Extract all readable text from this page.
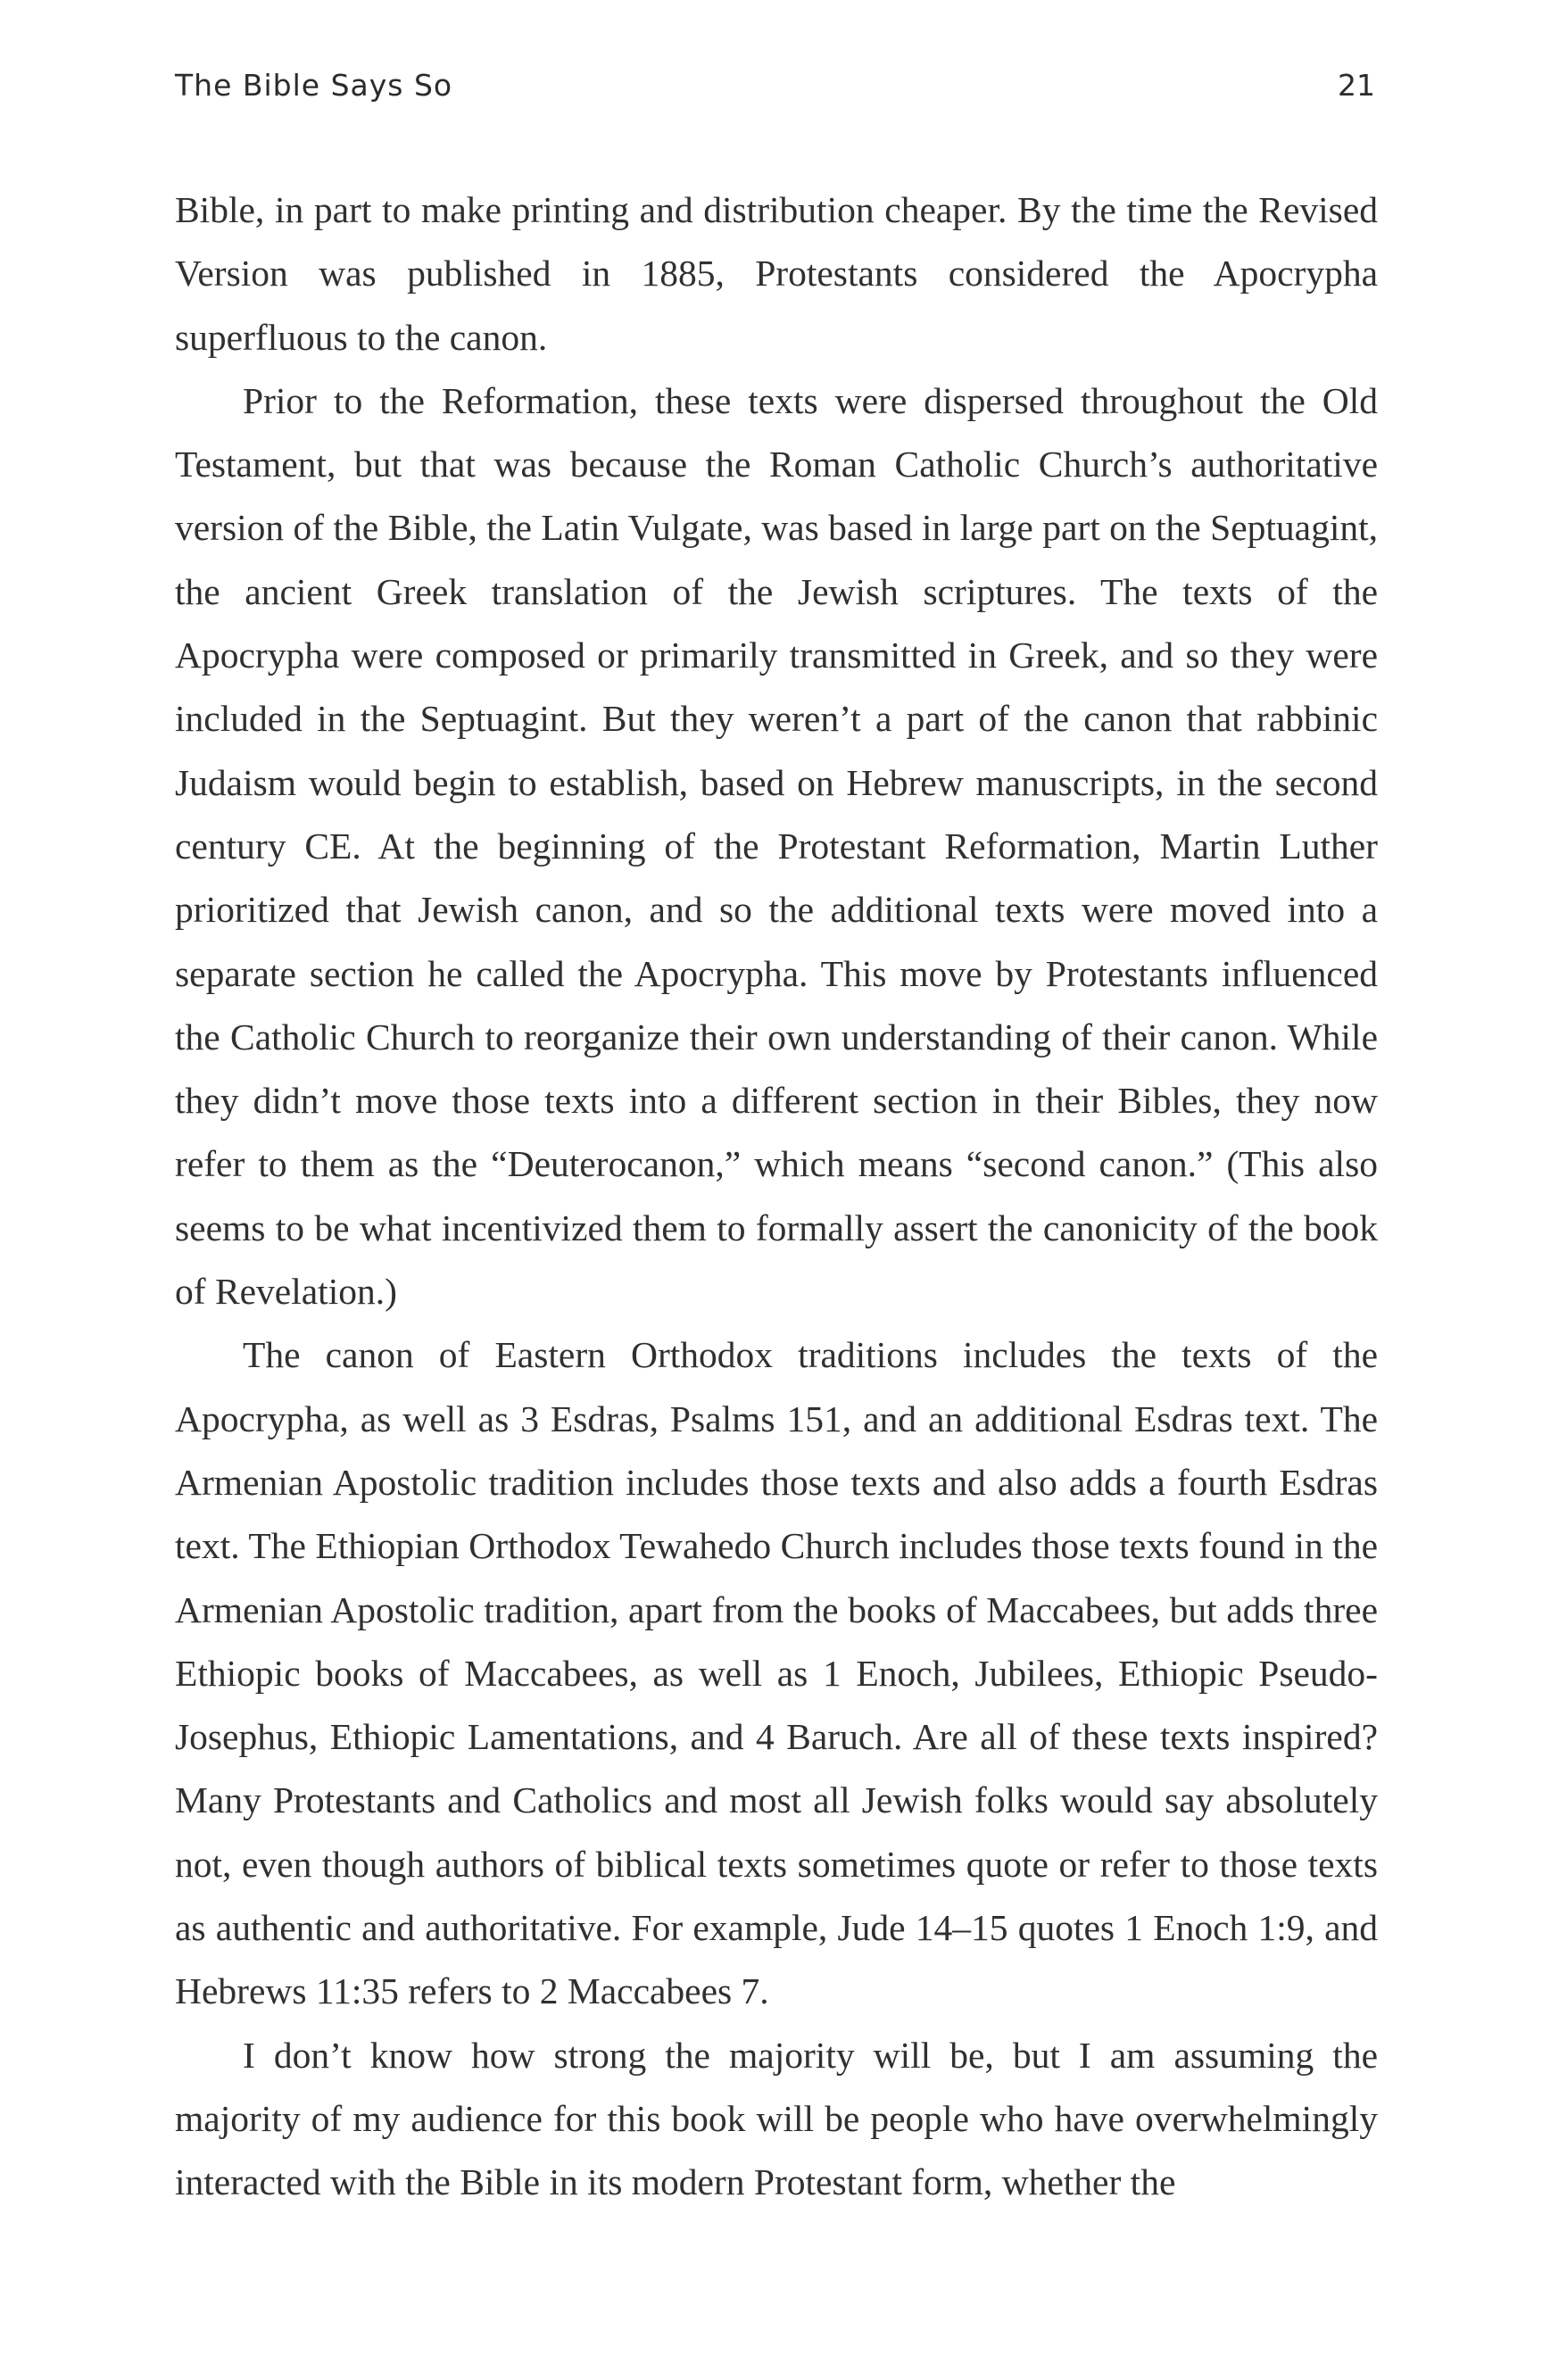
The Bible Says So	21

Bible, in part to make printing and distribution cheaper. By the time the Revised Version was published in 1885, Protestants considered the Apocrypha superfluous to the canon.

Prior to the Reformation, these texts were dispersed throughout the Old Testament, but that was because the Roman Catholic Church’s authoritative version of the Bible, the Latin Vulgate, was based in large part on the Septuagint, the ancient Greek translation of the Jewish scriptures. The texts of the Apocrypha were composed or primarily transmitted in Greek, and so they were included in the Septuagint. But they weren’t a part of the canon that rabbinic Judaism would begin to establish, based on Hebrew manuscripts, in the second century CE. At the beginning of the Protestant Reformation, Martin Luther prioritized that Jewish canon, and so the additional texts were moved into a separate section he called the Apocrypha. This move by Protestants influenced the Catholic Church to reorganize their own understanding of their canon. While they didn’t move those texts into a different section in their Bibles, they now refer to them as the “Deuterocanon,” which means “second canon.” (This also seems to be what incentivized them to formally assert the canonicity of the book of Revelation.)

The canon of Eastern Orthodox traditions includes the texts of the Apocrypha, as well as 3 Esdras, Psalms 151, and an additional Esdras text. The Armenian Apostolic tradition includes those texts and also adds a fourth Esdras text. The Ethiopian Orthodox Tewahedo Church includes those texts found in the Armenian Apostolic tradition, apart from the books of Maccabees, but adds three Ethiopic books of Maccabees, as well as 1 Enoch, Jubilees, Ethiopic Pseudo-Josephus, Ethiopic Lamentations, and 4 Baruch. Are all of these texts inspired? Many Protestants and Catholics and most all Jewish folks would say absolutely not, even though authors of biblical texts sometimes quote or refer to those texts as authentic and authoritative. For example, Jude 14–15 quotes 1 Enoch 1:9, and Hebrews 11:35 refers to 2 Maccabees 7.

I don’t know how strong the majority will be, but I am assuming the majority of my audience for this book will be people who have overwhelmingly interacted with the Bible in its modern Protestant form, whether the
